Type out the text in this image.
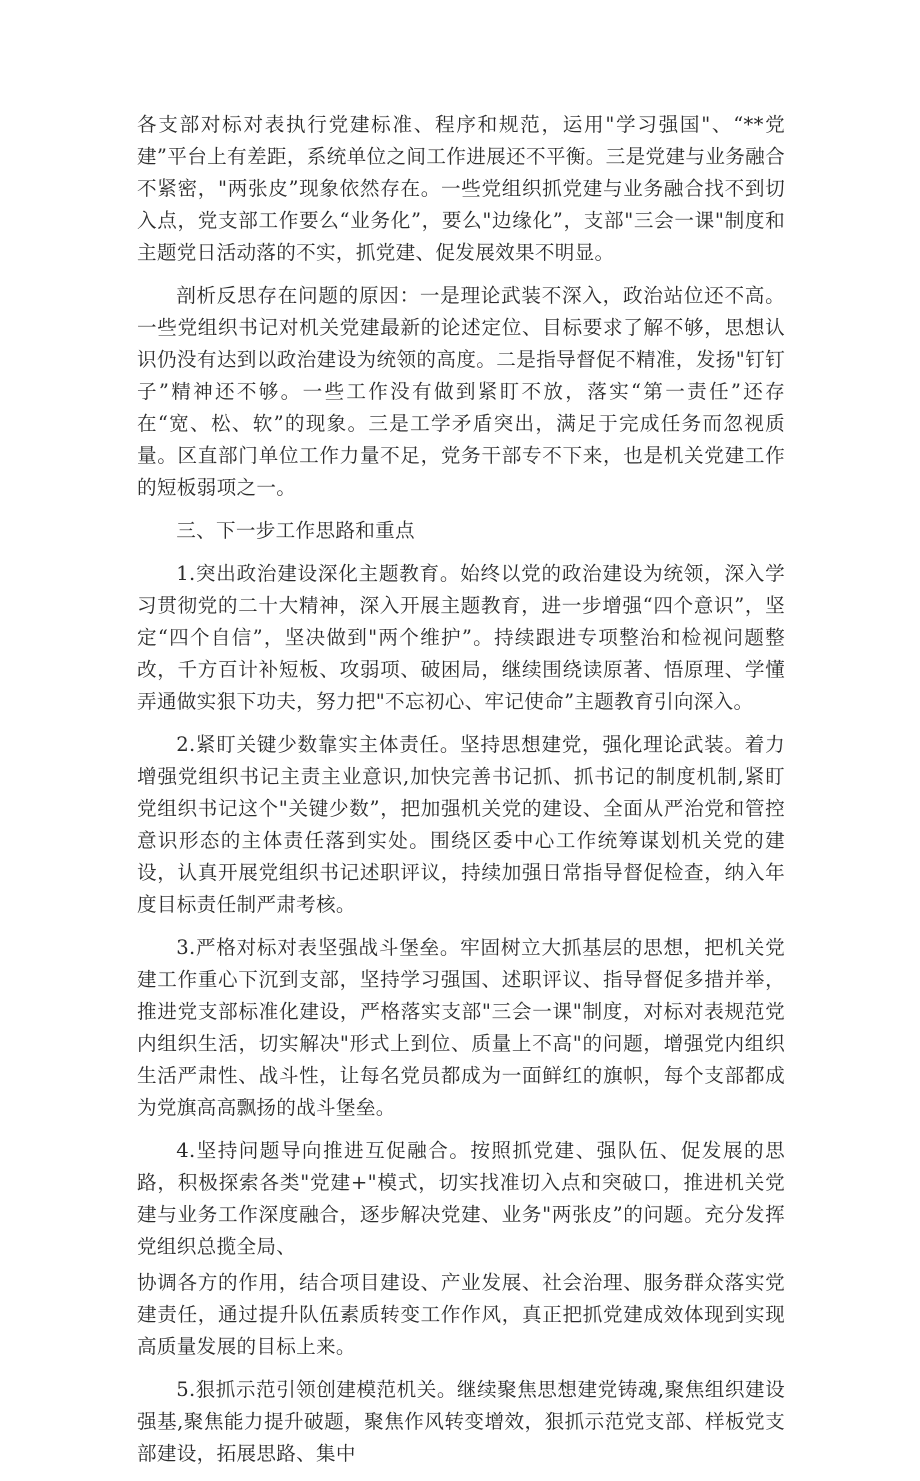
各支部对标对表执行党建标准、程序和规范，运用"学习强国"、“**党建”平台上有差距，系统单位之间工作进展还不平衡。三是党建与业务融合不紧密，"两张皮”现象依然存在。一些党组织抓党建与业务融合找不到切入点，党支部工作要么“业务化”，要么"边缘化”，支部"三会一课"制度和主题党日活动落的不实，抓党建、促发展效果不明显。

剖析反思存在问题的原因：一是理论武装不深入，政治站位还不高。一些党组织书记对机关党建最新的论述定位、目标要求了解不够，思想认识仍没有达到以政治建设为统领的高度。二是指导督促不精准，发扬"钉钉子”精神还不够。一些工作没有做到紧盯不放，落实“第一责任”还存在“宽、松、软”的现象。三是工学矛盾突出，满足于完成任务而忽视质量。区直部门单位工作力量不足，党务干部专不下来，也是机关党建工作的短板弱项之一。

三、下一步工作思路和重点

1.突出政治建设深化主题教育。始终以党的政治建设为统领，深入学习贯彻党的二十大精神，深入开展主题教育，进一步增强“四个意识”，坚定“四个自信”，坚决做到"两个维护”。持续跟进专项整治和检视问题整改，千方百计补短板、攻弱项、破困局，继续围绕读原著、悟原理、学懂弄通做实狠下功夫，努力把"不忘初心、牢记使命”主题教育引向深入。

2.紧盯关键少数靠实主体责任。坚持思想建党，强化理论武装。着力增强党组织书记主责主业意识,加快完善书记抓、抓书记的制度机制,紧盯党组织书记这个"关键少数”，把加强机关党的建设、全面从严治党和管控意识形态的主体责任落到实处。围绕区委中心工作统筹谋划机关党的建设，认真开展党组织书记述职评议，持续加强日常指导督促检查，纳入年度目标责任制严肃考核。

3.严格对标对表坚强战斗堡垒。牢固树立大抓基层的思想，把机关党建工作重心下沉到支部，坚持学习强国、述职评议、指导督促多措并举，推进党支部标准化建设，严格落实支部"三会一课"制度，对标对表规范党内组织生活，切实解决"形式上到位、质量上不高"的问题，增强党内组织生活严肃性、战斗性，让每名党员都成为一面鲜红的旗帜，每个支部都成为党旗高高飘扬的战斗堡垒。

4.坚持问题导向推进互促融合。按照抓党建、强队伍、促发展的思路，积极探索各类"党建+"模式，切实找准切入点和突破口，推进机关党建与业务工作深度融合，逐步解决党建、业务"两张皮”的问题。充分发挥党组织总揽全局、

协调各方的作用，结合项目建设、产业发展、社会治理、服务群众落实党建责任，通过提升队伍素质转变工作作风，真正把抓党建成效体现到实现高质量发展的目标上来。

5.狠抓示范引领创建模范机关。继续聚焦思想建党铸魂,聚焦组织建设强基,聚焦能力提升破题，聚焦作风转变增效，狠抓示范党支部、样板党支部建设，拓展思路、集中
